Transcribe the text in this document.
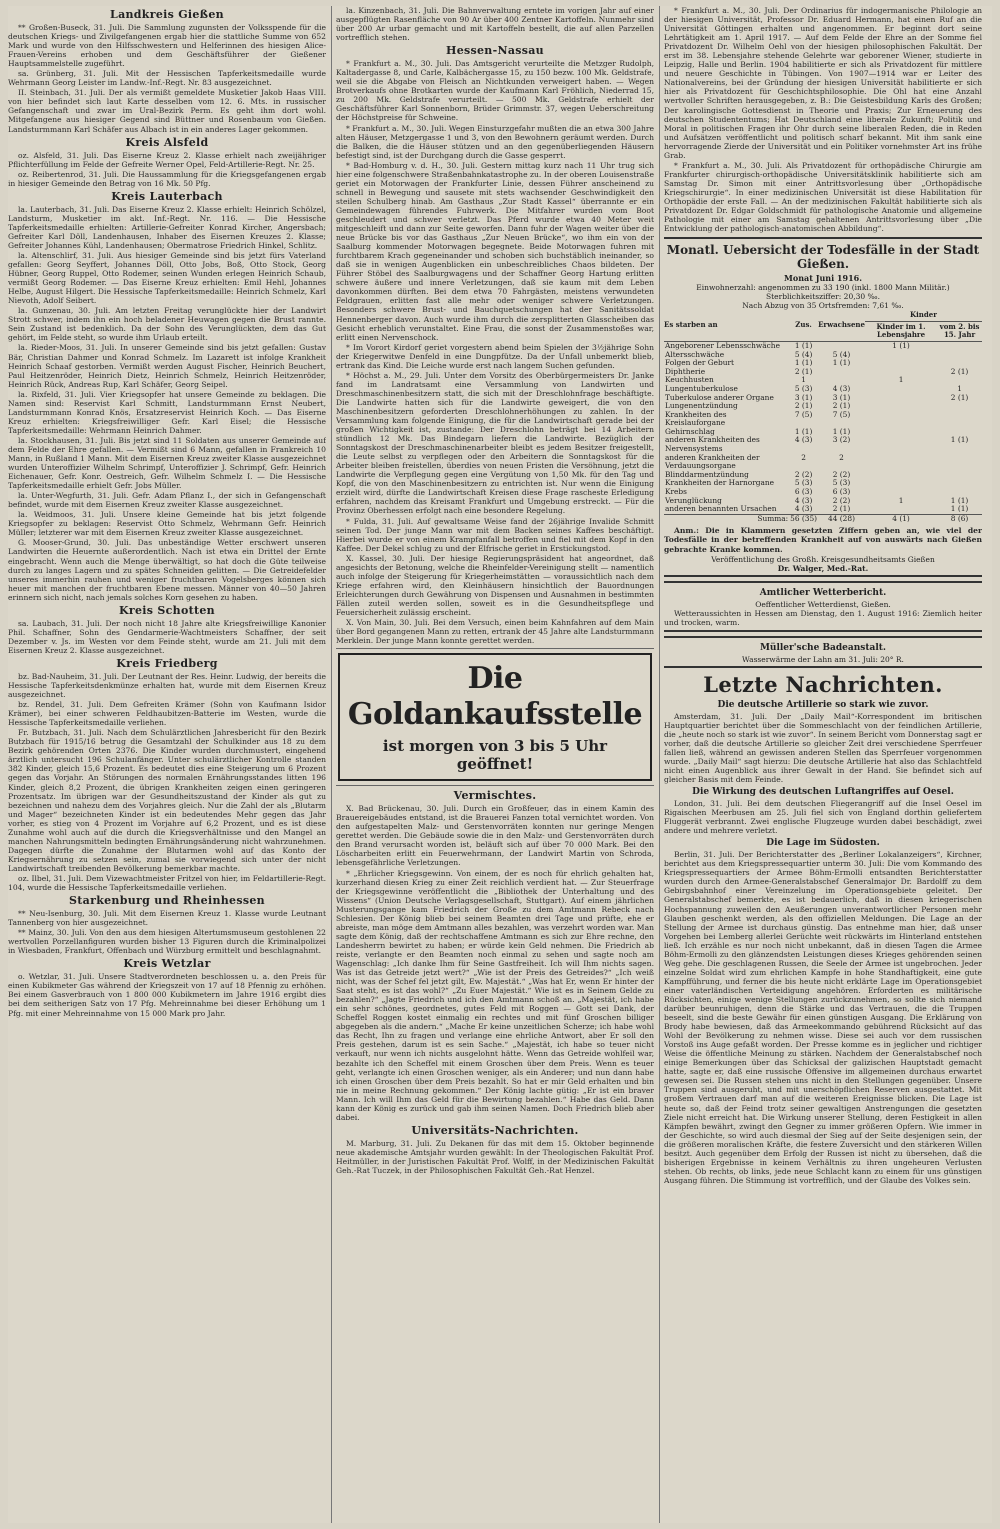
Landkreis Gießen

** Großen-Buseck, 31. Juli. Die Sammlung zugunsten der Volksspende für die deutschen Kriegs- und Zivilgefangenen ergab hier die stattliche Summe von 652 Mark und wurde von den Hilfsschwestern und Helferinnen des hiesigen Alice-Frauen-Vereins erhoben und dem Geschäftsführer der Gießener Hauptsammelstelle zugeführt.

sa. Grünberg, 31. Juli. Mit der Hessischen Tapferkeitsmedaille wurde Wehrmann Georg Leister im Landw.-Inf.-Regt. Nr. 83 ausgezeichnet.

II. Steinbach, 31. Juli. Der als vermißt gemeldete Musketier Jakob Haas VIII. von hier befindet sich laut Karte desselben vom 12. 6. Mts. in russischer Gefangenschaft und zwar im Ural-Bezirk Perm. Es geht ihm dort wohl. Mitgefangene aus hiesiger Gegend sind Büttner und Rosenbaum von Gießen. Landsturmmann Karl Schäfer aus Albach ist in ein anderes Lager gekommen.

Kreis Alsfeld

oz. Alsfeld, 31. Juli. Das Eiserne Kreuz 2. Klasse erhielt nach zweijähriger Pflichterfüllung im Felde der Gefreite Werner Opel, Feld-Artillerie-Regt. Nr. 25.

oz. Reibertenrod, 31. Juli. Die Haussammlung für die Kriegsgefangenen ergab in hiesiger Gemeinde den Betrag von 16 Mk. 50 Pfg.

Kreis Lauterbach

la. Lauterbach, 31. Juli. Das Eiserne Kreuz 2. Klasse erhielt: Heinrich Schölzel, Landsturm, Musketier im akt. Inf.-Regt. Nr. 116. — Die Hessische Tapferkeitsmedaille erhielten: Artillerie-Gefreiter Konrad Kircher, Angersbach; Gefreiter Karl Döll, Landenhausen, Inhaber des Eisernen Kreuzes 2. Klasse; Gefreiter Johannes Kühl, Landenhausen; Obermatrose Friedrich Hinkel, Schlitz.

la. Altenschlirf, 31. Juli. Aus hiesiger Gemeinde sind bis jetzt fürs Vaterland gefallen: Georg Seyffert, Johannes Döll, Otto Jobs, Boß, Otto Stock, Georg Hübner, Georg Ruppel, Otto Rodemer, seinen Wunden erlegen Heinrich Schaub, vermißt Georg Rodemer. — Das Eiserne Kreuz erhielten: Emil Hehl, Johannes Helbe, August Hilgert. Die Hessische Tapferkeitsmedaille: Heinrich Schmelz, Karl Nievoth, Adolf Seibert.

la. Gunzenau, 30. Juli. Am letzten Freitag verunglückte hier der Landwirt Strott schwer, indem ihn ein hoch beladener Heuwagen gegen die Brust rannte. Sein Zustand ist bedenklich. Da der Sohn des Verunglückten, dem das Gut gehört, im Felde steht, so wurde ihm Urlaub erteilt.

la. Rieder-Moos, 31. Juli. In unserer Gemeinde sind bis jetzt gefallen: Gustav Bär, Christian Dahmer und Konrad Schmelz. Im Lazarett ist infolge Krankheit Heinrich Schaaf gestorben. Vermißt werden August Fischer, Heinrich Beuchert, Paul Heitzenröder, Heinrich Dietz, Heinrich Schmelz, Heinrich Heitzenröder, Heinrich Rück, Andreas Rup, Karl Schäfer, Georg Seipel.

la. Rixfeld, 31. Juli. Vier Kriegsopfer hat unsere Gemeinde zu beklagen. Die Namen sind: Reservist Karl Schmitt, Landsturmmann Ernst Neubert, Landsturmmann Konrad Knös, Ersatzreservist Heinrich Koch. — Das Eiserne Kreuz erhielten: Kriegsfreiwilliger Gefr. Karl Eisel; die Hessische Tapferkeitsmedaille: Wehrmann Heinrich Dahmer.

la. Stockhausen, 31. Juli. Bis jetzt sind 11 Soldaten aus unserer Gemeinde auf dem Felde der Ehre gefallen. — Vermißt sind 6 Mann, gefallen in Frankreich 10 Mann, in Rußland 1 Mann. Mit dem Eisernen Kreuz zweiter Klasse ausgezeichnet wurden Unteroffizier Wilhelm Schrimpf, Unteroffizier J. Schrimpf, Gefr. Heinrich Eichenauer, Gefr. Konr. Oestreich, Gefr. Wilhelm Schmelz I. — Die Hessische Tapferkeitsmedaille erhielt Gefr. Jobs Müller.

la. Unter-Wegfurth, 31. Juli. Gefr. Adam Pflanz I., der sich in Gefangenschaft befindet, wurde mit dem Eisernen Kreuz zweiter Klasse ausgezeichnet.

la. Weidmoos, 31. Juli. Unsere kleine Gemeinde hat bis jetzt folgende Kriegsopfer zu beklagen: Reservist Otto Schmelz, Wehrmann Gefr. Heinrich Müller; letzterer war mit dem Eisernen Kreuz zweiter Klasse ausgezeichnet.

G. Mooser-Grund, 30. Juli. Das unbeständige Wetter erschwert unseren Landwirten die Heuernte außerordentlich. Nach ist etwa ein Drittel der Ernte eingebracht. Wenn auch die Menge überwältigt, so hat doch die Güte teilweise durch zu langes Lagern und zu spätes Schneiden gelitten. — Die Getreidefelder unseres immerhin rauhen und weniger fruchtbaren Vogelsberges können sich heuer mit manchen der fruchtbaren Ebene messen. Männer von 40—50 Jahren erinnern sich nicht, nach jemals solches Korn gesehen zu haben.

Kreis Schotten

sa. Laubach, 31. Juli. Der noch nicht 18 Jahre alte Kriegsfreiwillige Kanonier Phil. Schaffner, Sohn des Gendarmerie-Wachtmeisters Schaffner, der seit Dezember v. Js. im Westen vor dem Feinde steht, wurde am 21. Juli mit dem Eisernen Kreuz 2. Klasse ausgezeichnet.

Kreis Friedberg

bz. Bad-Nauheim, 31. Juli. Der Leutnant der Res. Heinr. Ludwig, der bereits die Hessische Tapferkeitsdenkmünze erhalten hat, wurde mit dem Eisernen Kreuz ausgezeichnet.

bz. Rendel, 31. Juli. Dem Gefreiten Krämer (Sohn von Kaufmann Isidor Krämer), bei einer schweren Feldhaubitzen-Batterie im Westen, wurde die Hessische Tapferkeitsmedaille verliehen.

Fr. Butzbach, 31. Juli. Nach dem Schulärztlichen Jahresbericht für den Bezirk Butzbach für 1915/16 betrug die Gesamtzahl der Schulkinder aus 18 zu dem Bezirk gehörenden Orten 2376. Die Kinder wurden durchmustert, eingehend ärztlich untersucht 196 Schulanfänger. Unter schulärztlicher Kontrolle standen 382 Kinder, gleich 15,6 Prozent. Es bedeutet dies eine Steigerung um 6 Prozent gegen das Vorjahr. An Störungen des normalen Ernährungsstandes litten 196 Kinder, gleich 8,2 Prozent, die übrigen Krankheiten zeigen einen geringeren Prozentsatz. Im übrigen war der Gesundheitszustand der Kinder als gut zu bezeichnen und nahezu dem des Vorjahres gleich. Nur die Zahl der als „Blutarm und Mager“ bezeichneten Kinder ist ein bedeutendes Mehr gegen das Jahr vorher, es stieg von 4 Prozent im Vorjahre auf 6,2 Prozent, und es ist diese Zunahme wohl auch auf die durch die Kriegsverhältnisse und den Mangel an manchen Nahrungsmitteln bedingten Ernährungsänderung nicht wahrzunehmen. Dagegen dürfte die Zunahme der Blutarmen wohl auf das Konto der Kriegsernährung zu setzen sein, zumal sie vorwiegend sich unter der nicht Landwirtschaft treibenden Bevölkerung bemerkbar machte.

oz. Ilbel, 31. Juli. Dem Vizewachtmeister Fritzel von hier, im Feldartillerie-Regt. 104, wurde die Hessische Tapferkeitsmedaille verliehen.

Starkenburg und Rheinhessen

** Neu-Isenburg, 30. Juli. Mit dem Eisernen Kreuz 1. Klasse wurde Leutnant Tannenberg von hier ausgezeichnet.

** Mainz, 30. Juli. Von den aus dem hiesigen Altertumsmuseum gestohlenen 22 wertvollen Porzellanfiguren wurden bisher 13 Figuren durch die Kriminalpolizei in Wiesbaden, Frankfurt, Offenbach und Würzburg ermittelt und beschlagnahmt.

Kreis Wetzlar

o. Wetzlar, 31. Juli. Unsere Stadtverordneten beschlossen u. a. den Preis für einen Kubikmeter Gas während der Kriegszeit von 17 auf 18 Pfennig zu erhöhen. Bei einem Gasverbrauch von 1 800 000 Kubikmetern im Jahre 1916 ergibt dies bei dem seitherigen Satz von 17 Pfg. Mehreinnahme bei dieser Erhöhung um 1 Pfg. mit einer Mehreinnahme von 15 000 Mark pro Jahr.

la. Kinzenbach, 31. Juli. Die Bahnverwaltung erntete im vorigen Jahr auf einer ausgepflügten Rasenfläche von 90 Ar über 400 Zentner Kartoffeln. Nunmehr sind über 200 Ar urbar gemacht und mit Kartoffeln bestellt, die auf allen Parzellen vortrefflich stehen.

Hessen-Nassau

* Frankfurt a. M., 30. Juli. Das Amtsgericht verurteilte die Metzger Rudolph, Kaltadergasse 8, und Carle, Kalbächergasse 15, zu 150 bezw. 100 Mk. Geldstrafe, weil sie die Abgabe von Fleisch an Nichtkunden verweigert haben. — Wegen Brotverkaufs ohne Brotkarten wurde der Kaufmann Karl Fröhlich, Niederrad 15, zu 200 Mk. Geldstrafe verurteilt. — 500 Mk. Geldstrafe erhielt der Geschäftsführer Karl Sonnenborn, Brüder Grimmstr. 37, wegen Ueberschreitung der Höchstpreise für Schweine.

* Frankfurt a. M., 30. Juli. Wegen Einsturzgefahr mußten die an etwa 300 Jahre alten Häuser, Metzgergasse 1 und 3, von den Bewohnern geräumt werden. Durch die Balken, die die Häuser stützen und an den gegenüberliegenden Häusern befestigt sind, ist der Durchgang durch die Gasse gesperrt.

* Bad-Homburg v. d. H., 30. Juli. Gestern mittag kurz nach 11 Uhr trug sich hier eine folgenschwere Straßenbahnkatastrophe zu. In der oberen Louisenstraße geriet ein Motorwagen der Frankfurter Linie, dessen Führer anscheinend zu schnell in Bewegung und sausete mit stets wachsender Geschwindigkeit den steilen Schulberg hinab. Am Gasthaus „Zur Stadt Kassel“ überrannte er ein Gemeindewagen führendes Fuhrwerk. Die Mitfahrer wurden vom Boot geschleudert und schwer verletzt. Das Pferd wurde etwa 40 Meter weit mitgeschleift und dann zur Seite geworfen. Dann fuhr der Wagen weiter über die neue Brücke bis vor das Gasthaus „Zur Neuen Brücke“, wo ihm ein von der Saalburg kommender Motorwagen begegnete. Beide Motorwagen fuhren mit furchtbarem Krach gegeneinander und schoben sich buchstäblich ineinander, so daß sie in wenigen Augenblicken ein unbeschreibliches Chaos bildeten. Der Führer Stöbel des Saalburgwagens und der Schaffner Georg Hartung erlitten schwere äußere und innere Verletzungen, daß sie kaum mit dem Leben davonkommen dürften. Bei dem etwa 70 Fahrgästen, meistens verwundeten Feldgrauen, erlitten fast alle mehr oder weniger schwere Verletzungen. Besonders schwere Brust- und Bauchquetschungen hat der Sanitätssoldat Hennenberger davon. Auch wurde ihm durch die zersplitterten Glasscheiben das Gesicht erheblich verunstaltet. Eine Frau, die sonst der Zusammenstoßes war, erlitt einen Nervenschock.

* Im Vorort Kirdorf geriet vorgestern abend beim Spielen der 3½jährige Sohn der Kriegerwitwe Denfeld in eine Dungpfütze. Da der Unfall unbemerkt blieb, ertrank das Kind. Die Leiche wurde erst nach langem Suchen gefunden.

* Höchst a. M., 29. Juli. Unter dem Vorsitz des Oberbürgermeisters Dr. Janke fand im Landratsamt eine Versammlung von Landwirten und Dreschmaschinenbesitzern statt, die sich mit der Dreschlohnfrage beschäftigte. Die Landwirte hatten sich für die Landwirte geweigert, die von den Maschinenbesitzern geforderten Dreschlohnerhöhungen zu zahlen. In der Versammlung kam folgende Einigung, die für die Landwirtschaft gerade bei der großen Wichtigkeit ist, zustande: Der Dreschlohn beträgt bei 14 Arbeitern stündlich 12 Mk. Das Bindegarn liefern die Landwirte. Bezüglich der Sonntagskost der Dreschmaschinenarbeiter bleibt es jedem Besitzer freigestellt, die Leute selbst zu verpflegen oder den Arbeitern die Sonntagskost für die Arbeiter bleiben freistellen, überdies von neuen Fristen die Versöhnung, jetzt die Landwirte die Verpflegung gegen eine Vergütung von 1,50 Mk. für den Tag und Kopf, die von den Maschinenbesitzern zu entrichten ist. Nur wenn die Einigung erzielt wird, dürfte die Landwirtschaft Kreisen diese Frage rascheste Erledigung erfahren, nachdem das Kreisamt Frankfurt und Umgebung erstreckt. — Für die Provinz Oberhessen erfolgt nach eine besondere Regelung.

* Fulda, 31. Juli. Auf gewaltsame Weise fand der 26jährige Invalide Schmitt seinen Tod. Der junge Mann war mit dem Backen seines Kaffees beschäftigt. Hierbei wurde er von einem Krampfanfall betroffen und fiel mit dem Kopf in den Kaffee. Der Dekel schlug zu und der Elfrische geriet in Erstickungstod.

X. Kassel, 30. Juli. Der hiesige Regierungspräsident hat angeordnet, daß angesichts der Betonung, welche die Rheinfelder-Vereinigung stellt — namentlich auch infolge der Steigerung für Kriegerheimstätten — voraussichtlich nach dem Kriege erfahren wird, den Kleinhäusern hinsichtlich der Bauordnungen Erleichterungen durch Gewährung von Dispensen und Ausnahmen in bestimmten Fällen zuteil werden sollen, soweit es in die Gesundheitspflege und Feuersicherheit zulässig erscheint.

X. Von Main, 30. Juli. Bei dem Versuch, einen beim Kahnfahren auf dem Main über Bord gegangenen Mann zu retten, ertrank der 45 Jahre alte Landsturmmann Merklein. Der junge Mann konnte gerettet werden.

Die Goldankaufsstelle
ist morgen von 3 bis 5 Uhr geöffnet!
Vermischtes.

X. Bad Brückenau, 30. Juli. Durch ein Großfeuer, das in einem Kamin des Brauereigebäudes entstand, ist die Brauerei Fanzen total vernichtet worden. Von den aufgestapelten Malz- und Gerstenvorräten konnten nur geringe Mengen gerettet werden. Die Gebäude sowie die in den Malz- und Gerstenvorräten durch den Brand verursacht worden ist, beläuft sich auf über 70 000 Mark. Bei den Löscharbeiten erlitt ein Feuerwehrmann, der Landwirt Martin von Schroda, lebensgefährliche Verletzungen.

* „Ehrlicher Kriegsgewinn. Von einem, der es noch für ehrlich gehalten hat, kurzerhand diesen Krieg zu einer Zeit reichlich verdient hat. — Zur Steuerfrage der Kriegsgewinne veröffentlicht die „Bibliothek der Unterhaltung und des Wissens“ (Union Deutsche Verlagsgesellschaft, Stuttgart). Auf einem jährlichen Musterungsgange kam Friedrich der Große zu dem Amtmann Rebeck nach Schlesien. Der König blieb bei seinem Beamten drei Tage und prüfte, ehe er abreiste, man möge dem Amtmann alles bezahlen, was verzehrt worden war. Man sagte dem König, daß der rechtschaffene Amtmann es sich zur Ehre rechne, den Landesherrn bewirtet zu haben; er würde kein Geld nehmen. Die Friedrich ab reiste, verlangte er den Beamten noch einmal zu sehen und sagte noch am Wagenschlag: „Ich danke Ihm für Seine Gastfreiheit. Ich will Ihm nichts sagen. Was ist das Getreide jetzt wert?“ „Wie ist der Preis des Getreides?“ „Ich weiß nicht, was der Schef fel jetzt gilt, Ew. Majestät.“ „Was hat Er, wenn Er hinter der Saat steht, es ist das wohl?“ „Zu Euer Majestät.“ Wie ist es in Seinem Gelde zu bezahlen?“ „Jagte Friedrich und ich den Amtmann schoß an. „Majestät, ich habe ein sehr schönes, geordnetes, gutes Feld mit Roggen — Gott sei Dank, der Scheffel Roggen kostet einmalig ein rechtes und mit fünf Groschen billiger abgegeben als die andern.“ „Mache Er keine unzeitlichen Scherze; ich habe wohl das Recht, Ihn zu fragen und verlange eine ehrliche Antwort, aber Er soll den Preis gestehen, darum ist es sein Sache.“ „Majestät, ich habe so teuer nicht verkauft, nur wenn ich nichts ausgelohnt hätte. Wenn das Getreide wohlfeil war, bezahlte ich den Scheffel mit einem Groschen über dem Preis. Wenn es teuer geht, verlangte ich einen Groschen weniger, als ein Anderer; und nun dann habe ich einen Groschen über dem Preis bezahlt. So hat er mir Geld erhalten und bin nie in meine Rechnung gekommen.“ Der König lachte gütig: „Er ist ein braver Mann. Ich will Ihm das Geld für die Bewirtung bezahlen.“ Habe das Geld. Dann kann der König es zurück und gab ihm seinen Namen. Doch Friedrich blieb aber dabei.

Universitäts-Nachrichten.

M. Marburg, 31. Juli. Zu Dekanen für das mit dem 15. Oktober beginnende neue akademische Amtsjahr wurden gewählt: In der Theologischen Fakultät Prof. Heitmüller, in der Juristischen Fakultät Prof. Wolff, in der Medizinischen Fakultät Geh.-Rat Tuczek, in der Philosophischen Fakultät Geh.-Rat Henzel.

* Frankfurt a. M., 30. Juli. Der Ordinarius für indogermanische Philologie an der hiesigen Universität, Professor Dr. Eduard Hermann, hat einen Ruf an die Universität Göttingen erhalten und angenommen. Er beginnt dort seine Lehrtätigkeit am 1. April 1917. — Auf dem Felde der Ehre an der Somme fiel Privatdozent Dr. Wilhelm Oehl von der hiesigen philosophischen Fakultät. Der erst im 38. Lebensjahre stehende Gelehrte war geborener Wiener, studierte in Leipzig, Halle und Berlin. 1904 habilitierte er sich als Privatdozent für mittlere und neuere Geschichte in Tübingen. Von 1907—1914 war er Leiter des Nationalvereins, bei der Gründung der hiesigen Universität habilitierte er sich hier als Privatdozent für Geschichtsphilosophie. Die Ohl hat eine Anzahl wertvoller Schriften herausgegeben, z. B.: Die Geistesbildung Karls des Großen; Der karolingische Gottesdienst in Theorie und Praxis; Zur Erneuerung des deutschen Studententums; Hat Deutschland eine liberale Zukunft; Politik und Moral in politischen Fragen ihr Ohr durch seine liberalen Reden, die in Reden und Aufsätzen veröffentlicht und politisch scharf bekannt. Mit ihm sank eine hervorragende Zierde der Universität und ein Politiker vornehmster Art ins frühe Grab.

* Frankfurt a. M., 30. Juli. Als Privatdozent für orthopädische Chirurgie am Frankfurter chirurgisch-orthopädische Universitätsklinik habilitierte sich am Samstag Dr. Simon mit einer Antrittsvorlesung über „Orthopädische Kriegschirurgie“. In einer medizinischen Universität ist diese Habilitation für Orthopädie der erste Fall. — An der medizinischen Fakultät habilitierte sich als Privatdozent Dr. Edgar Goldschmidt für pathologische Anatomie und allgemeine Pathologie mit einer am Samstag gehaltenen Antrittsvorlesung über „Die Entwicklung der pathologisch-anatomischen Abbildung“.

Monatl. Uebersicht der Todesfälle in der Stadt Gießen.
Monat Juni 1916.
Einwohnerzahl: angenommen zu 33 190 (inkl. 1800 Mann Militär.)
Sterblichkeitsziffer: 20,30 ‰.
Nach Abzug von 35 Ortsfremden: 7,61 ‰.
Es starben an	Zus.	Erwachsene	Kinder	
			Kinder im 1. Lebensjahre	vom 2. bis 15. Jahr
Angeborener Lebensschwäche	1 (1)		1 (1)	
Altersschwäche	5 (4)	5 (4)		
Folgen der Geburt	1 (1)	1 (1)		
Diphtherie	2 (1)			2 (1)
Keuchhusten	1		1	
Lungentuberkulose	5 (3)	4 (3)		1
Tuberkulose anderer Organe	3 (1)	3 (1)		2 (1)
Lungenentzündung	2 (1)	2 (1)		
Krankheiten des Kreislauforgane	7 (5)	7 (5)		
Gehirnschlag	1 (1)	1 (1)		
anderen Krankheiten des Nervensystems	4 (3)	3 (2)		1 (1)
anderen Krankheiten der Verdauungsorgane	2	2		
Blinddarmentzündung	2 (2)	2 (2)		
Krankheiten der Harnorgane	5 (3)	5 (3)		
Krebs	6 (3)	6 (3)		
Verunglückung	4 (3)	2 (2)	1	1 (1)
anderen benannten Ursachen	4 (3)	2 (1)		1 (1)
Summa:	56 (35)	44 (28)	4 (1)	8 (6)

Anm.: Die in Klammern gesetzten Ziffern geben an, wie viel der Todesfälle in der betreffenden Krankheit auf von auswärts nach Gießen gebrachte Kranke kommen.

Veröffentlichung des Großh. Kreisgesundheitsamts Gießen
Dr. Walger, Med.-Rat.
Amtlicher Wetterbericht.
Oeffentlicher Wetterdienst, Gießen.

Wetteraussichten in Hessen am Dienstag, den 1. August 1916: Ziemlich heiter und trocken, warm.

Müller'sche Badeanstalt.
Wasserwärme der Lahn am 31. Juli: 20° R.
Letzte Nachrichten.
Die deutsche Artillerie so stark wie zuvor.

Amsterdam, 31. Juli. Der „Daily Mail“-Korrespondent im britischen Hauptquartier berichtet über die Sommeschlacht von der feindlichen Artillerie, die „heute noch so stark ist wie zuvor“. In seinem Bericht vom Donnerstag sagt er vorher, daß die deutsche Artillerie so gleicher Zeit drei verschiedene Sperrfeuer fallen ließ, während an gewissen anderen Stellen das Sperrfeuer vorgenommen wurde. „Daily Mail“ sagt hierzu: Die deutsche Artillerie hat also das Schlachtfeld nicht einen Augenblick aus ihrer Gewalt in der Hand. Sie befindet sich auf gleicher Basis mit dem Feinde.

Die Wirkung des deutschen Luftangriffes auf Oesel.

London, 31. Juli. Bei dem deutschen Fliegerangriff auf die Insel Oesel im Rigaischen Meerbusen am 25. Juli fiel sich von England dorthin geliefertem Fluggerät verbrannt. Zwei englische Flugzeuge wurden dabei beschädigt, zwei andere und mehrere verletzt.

Die Lage im Südosten.

Berlin, 31. Juli. Der Berichterstatter des „Berliner Lokalanzeigers“, Kirchner, berichtet aus dem Kriegspressequartier unterm 30. Juli: Die vom Kommando des Kriegspressequartiers der Armee Böhm-Ermolli entsandten Berichterstatter wurden durch den Armee-Generalstabschef Generalmajor Dr. Bardolff zu dem Gebirgsbahnhof einer Vereinzelung im Operationsgebiete geleitet. Der Generalstabschef bemerkte, es ist bedauerlich, daß in diesen kriegerischen Hochspannung zuweilen den Aeußerungen unverantwortlicher Personen mehr Glauben geschenkt werden, als den offiziellen Meldungen. Die Lage an der Stellung der Armee ist durchaus günstig. Das entnehme man hier, daß unser Vorgehen bei Lemberg allerlei Gerüchte weit rückwärts im Hinterland entstehen ließ. Ich erzähle es nur noch nicht unbekannt, daß in diesen Tagen die Armee Böhm-Ermolli zu den glänzendsten Leistungen dieses Krieges gehörenden seinen Weg gehe. Die geschlagenen Russen, die Seele der Armee ist ungebrochen. Jeder einzelne Soldat wird zum ehrlichen Kampfe in hohe Standhaftigkeit, eine gute Kampfführung, und ferner die bis heute nicht erklärte Lage im Operationsgebiet einer vaterländischen Verteidigung angehören. Erforderten es militärische Rücksichten, einige wenige Stellungen zurückzunehmen, so sollte sich niemand darüber beunruhigen, denn die Stärke und das Vertrauen, die die Truppen beseelt, sind die beste Gewähr für einen günstigen Ausgang. Die Erklärung von Brody habe bewiesen, daß das Armeekommando gebührend Rücksicht auf das Wohl der Bevölkerung zu nehmen wisse. Diese sei auch vor dem russischen Vorstoß ins Auge gefaßt worden. Der Presse komme es in jeglicher und richtiger Weise die öffentliche Meinung zu stärken. Nachdem der Generalstabschef noch einige Bemerkungen über das Schicksal der galizischen Hauptstadt gemacht hatte, sagte er, daß eine russische Offensive im allgemeinen durchaus erwartet gewesen sei. Die Russen stehen uns nicht in den Stellungen gegenüber. Unsere Truppen sind ausgeruht, und mit unerschöpflichen Reserven ausgestattet. Mit großem Vertrauen darf man auf die weiteren Ereignisse blicken. Die Lage ist heute so, daß der Feind trotz seiner gewaltigen Anstrengungen die gesetzten Ziele nicht erreicht hat. Die Wirkung unserer Stellung, deren Festigkeit in allen Kämpfen bewährt, zwingt den Gegner zu immer größeren Opfern. Wie immer in der Geschichte, so wird auch diesmal der Sieg auf der Seite desjenigen sein, der die größeren moralischen Kräfte, die festere Zuversicht und den stärkeren Willen besitzt. Auch gegenüber dem Erfolg der Russen ist nicht zu übersehen, daß die bisherigen Ergebnisse in keinem Verhältnis zu ihren ungeheuren Verlusten stehen. Ob rechts, ob links, jede neue Schlacht kann zu einem für uns günstigen Ausgang führen. Die Stimmung ist vortrefflich, und der Glaube des Volkes sein.
